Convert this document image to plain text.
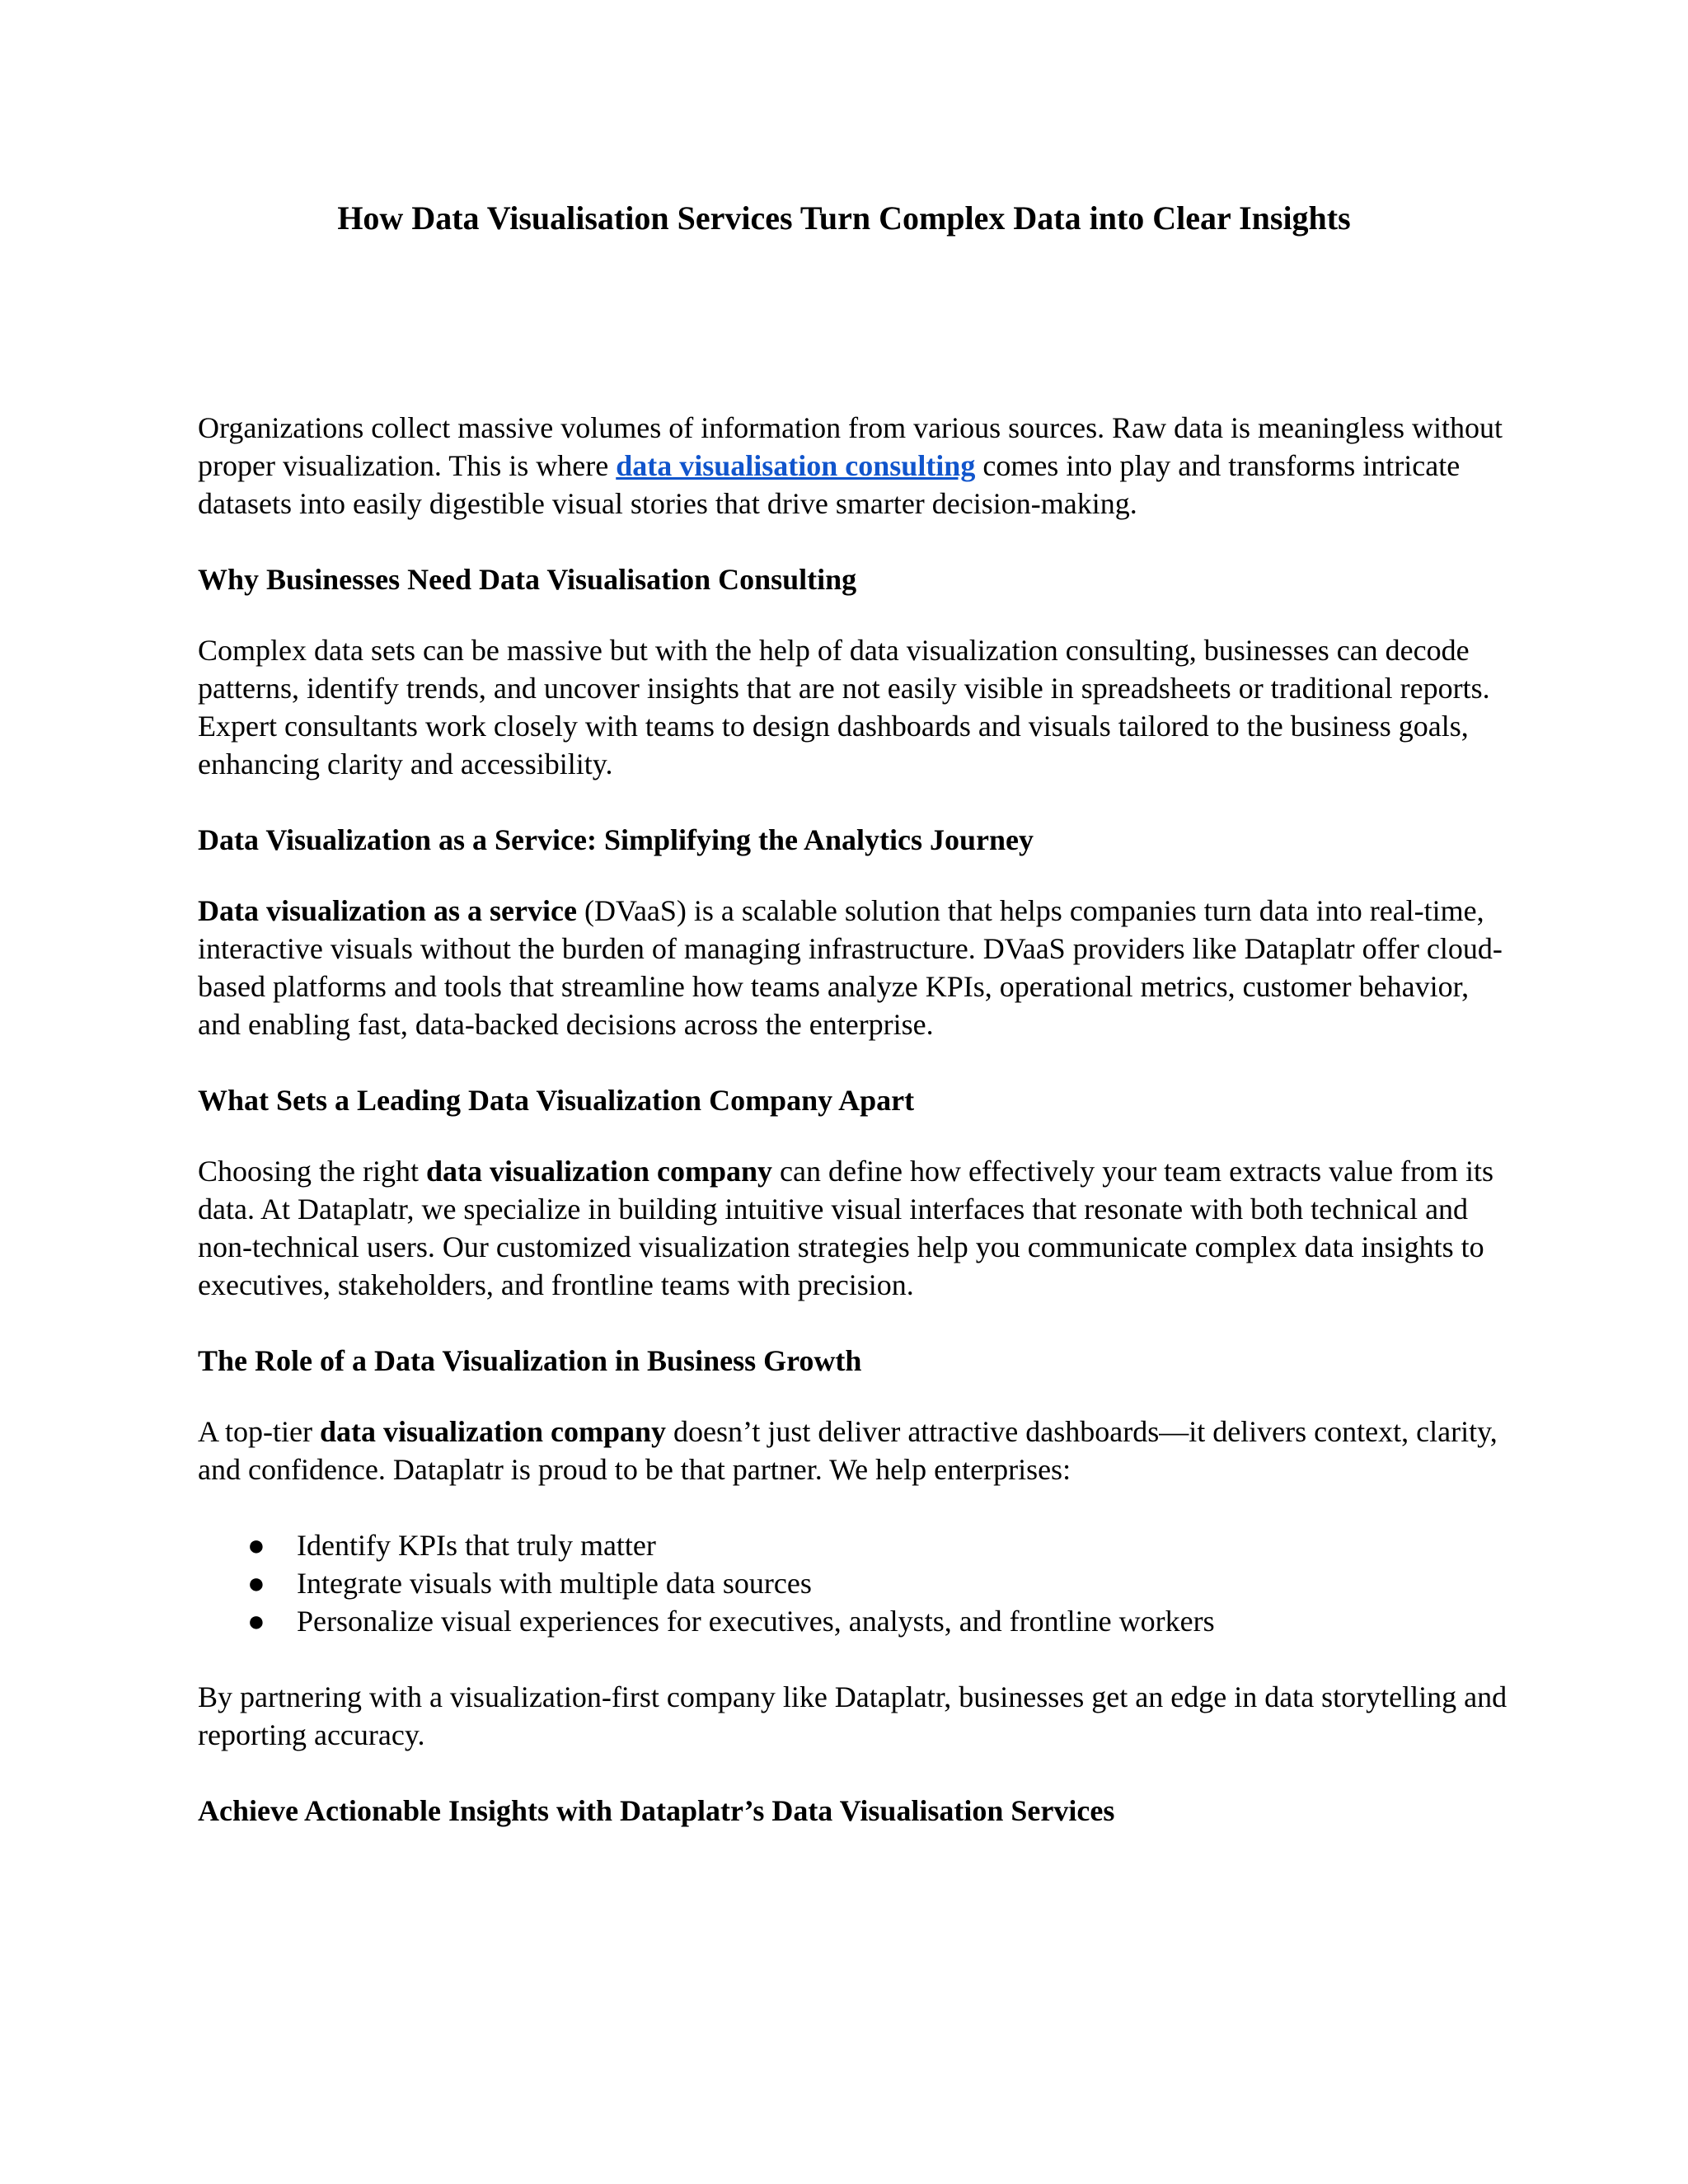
How Data Visualisation Services Turn Complex Data into Clear Insights

Organizations collect massive volumes of information from various sources. Raw data is meaningless without proper visualization. This is where data visualisation consulting comes into play and transforms intricate datasets into easily digestible visual stories that drive smarter decision-making.

Why Businesses Need Data Visualisation Consulting

Complex data sets can be massive but with the help of data visualization consulting, businesses can decode patterns, identify trends, and uncover insights that are not easily visible in spreadsheets or traditional reports. Expert consultants work closely with teams to design dashboards and visuals tailored to the business goals, enhancing clarity and accessibility.

Data Visualization as a Service: Simplifying the Analytics Journey

Data visualization as a service (DVaaS) is a scalable solution that helps companies turn data into real-time, interactive visuals without the burden of managing infrastructure. DVaaS providers like Dataplatr offer cloud-based platforms and tools that streamline how teams analyze KPIs, operational metrics, customer behavior, and enabling fast, data-backed decisions across the enterprise.

What Sets a Leading Data Visualization Company Apart

Choosing the right data visualization company can define how effectively your team extracts value from its data. At Dataplatr, we specialize in building intuitive visual interfaces that resonate with both technical and non-technical users. Our customized visualization strategies help you communicate complex data insights to executives, stakeholders, and frontline teams with precision.

The Role of a Data Visualization in Business Growth

A top-tier data visualization company doesn’t just deliver attractive dashboards—it delivers context, clarity, and confidence. Dataplatr is proud to be that partner. We help enterprises:

● Identify KPIs that truly matter
● Integrate visuals with multiple data sources
● Personalize visual experiences for executives, analysts, and frontline workers

By partnering with a visualization-first company like Dataplatr, businesses get an edge in data storytelling and reporting accuracy.

Achieve Actionable Insights with Dataplatr’s Data Visualisation Services
